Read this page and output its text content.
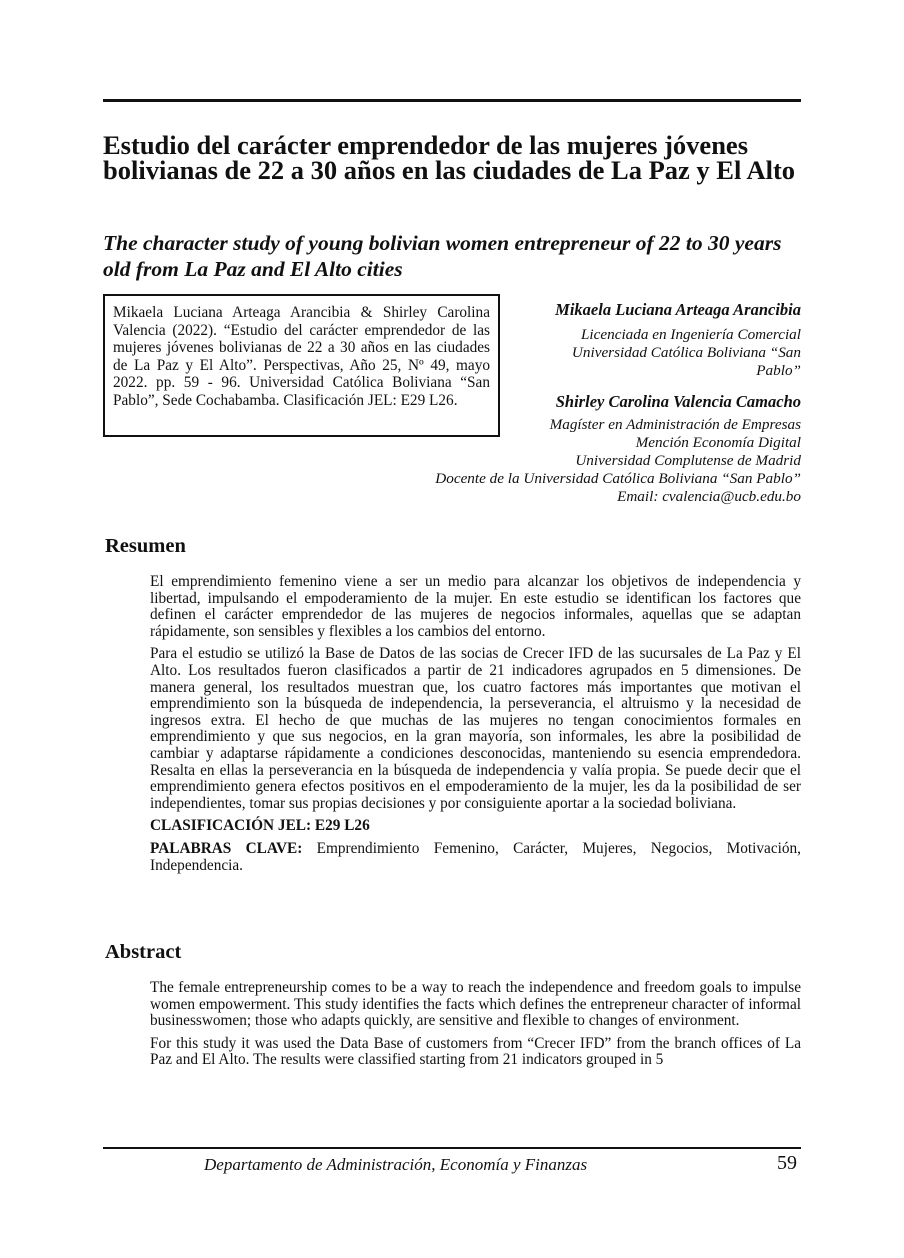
Estudio del carácter emprendedor de las mujeres jóvenes bolivianas de 22 a 30 años en las ciudades de La Paz y El Alto
The character study of young bolivian women entrepreneur of 22 to 30 years old from La Paz and El Alto cities
Mikaela Luciana Arteaga Arancibia & Shirley Carolina Valencia (2022). “Estudio del carácter emprendedor de las mujeres jóvenes bolivianas de 22 a 30 años en las ciudades de La Paz y El Alto”. Perspectivas, Año 25, Nº 49, mayo 2022. pp. 59 - 96. Universidad Católica Boliviana “San Pablo”, Sede Cochabamba. Clasificación JEL: E29 L26.

Mikaela Luciana Arteaga Arancibia

Licenciada en Ingeniería Comercial
Universidad Católica Boliviana “San
Pablo”

Shirley Carolina Valencia Camacho

Magíster en Administración de Empresas
Mención Economía Digital
Universidad Complutense de Madrid
Docente de la Universidad Católica Boliviana “San Pablo”
Email: cvalencia@ucb.edu.bo
Resumen

El emprendimiento femenino viene a ser un medio para alcanzar los objetivos de independencia y libertad, impulsando el empoderamiento de la mujer. En este estudio se identifican los factores que definen el carácter emprendedor de las mujeres de negocios informales, aquellas que se adaptan rápidamente, son sensibles y flexibles a los cambios del entorno.

Para el estudio se utilizó la Base de Datos de las socias de Crecer IFD de las sucursales de La Paz y El Alto. Los resultados fueron clasificados a partir de 21 indicadores agrupados en 5 dimensiones. De manera general, los resultados muestran que, los cuatro factores más importantes que motivan el emprendimiento son la búsqueda de independencia, la perseverancia, el altruismo y la necesidad de ingresos extra. El hecho de que muchas de las mujeres no tengan conocimientos formales en emprendimiento y que sus negocios, en la gran mayoría, son informales, les abre la posibilidad de cambiar y adaptarse rápidamente a condiciones desconocidas, manteniendo su esencia emprendedora. Resalta en ellas la perseverancia en la búsqueda de independencia y valía propia. Se puede decir que el emprendimiento genera efectos positivos en el empoderamiento de la mujer, les da la posibilidad de ser independientes, tomar sus propias decisiones y por consiguiente aportar a la sociedad boliviana.

CLASIFICACIÓN JEL: E29 L26

PALABRAS CLAVE: Emprendimiento Femenino, Carácter, Mujeres, Negocios, Motivación, Independencia.

Abstract

The female entrepreneurship comes to be a way to reach the independence and freedom goals to impulse women empowerment. This study identifies the facts which defines the entrepreneur character of informal businesswomen; those who adapts quickly, are sensitive and flexible to changes of environment.

For this study it was used the Data Base of customers from “Crecer IFD” from the branch offices of La Paz and El Alto. The results were classified starting from 21 indicators grouped in 5

Departamento de Administración, Economía y Finanzas	59
